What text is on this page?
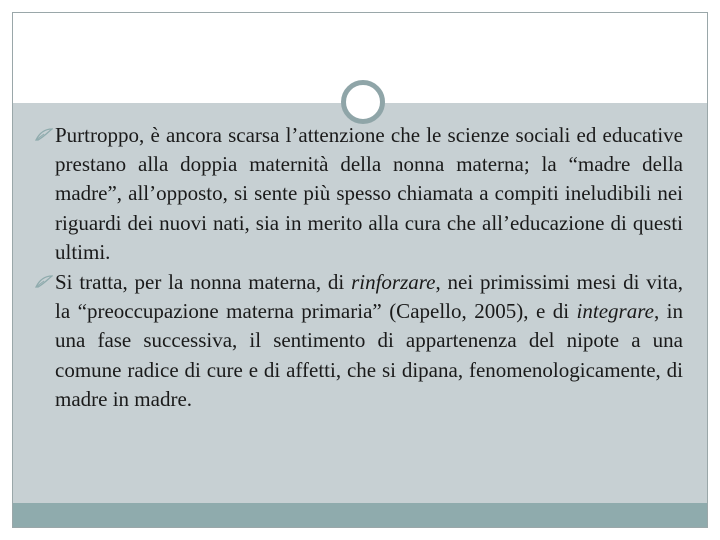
Purtroppo, è ancora scarsa l’attenzione che le scienze sociali ed educative prestano alla doppia maternità della nonna materna; la “madre della madre”, all’opposto, si sente più spesso chiamata a compiti ineludibili nei riguardi dei nuovi nati, sia in merito alla cura che all’educazione di questi ultimi.
Si tratta, per la nonna materna, di rinforzare, nei primissimi mesi di vita, la “preoccupazione materna primaria” (Capello, 2005), e di integrare, in una fase successiva, il sentimento di appartenenza del nipote a una comune radice di cure e di affetti, che si dipana, fenomenologicamente, di madre in madre.
